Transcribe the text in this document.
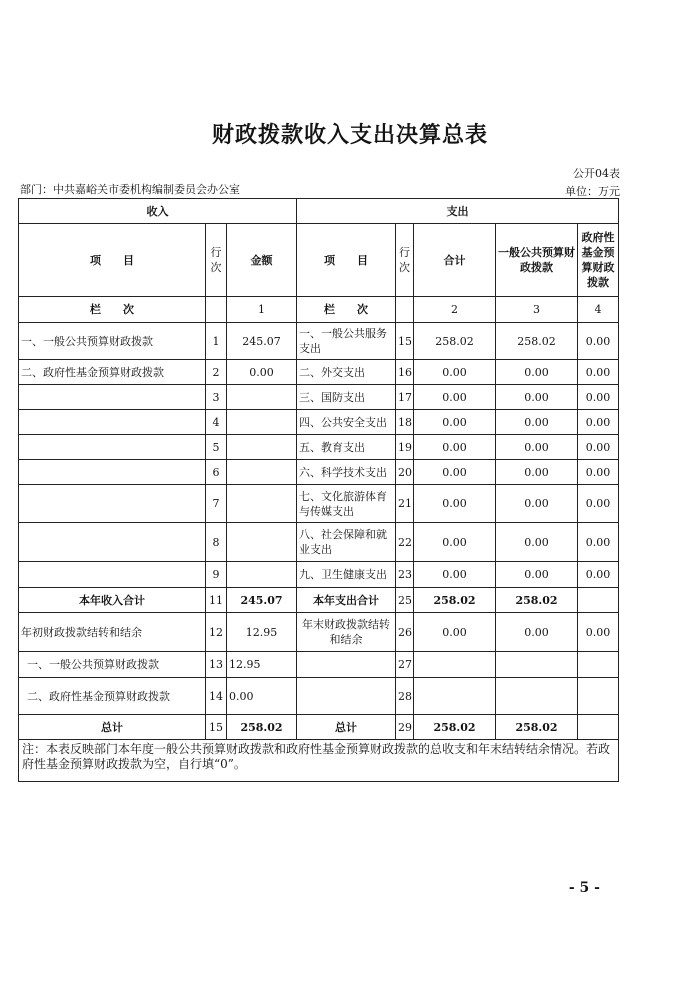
财政拨款收入支出决算总表
公开04表
部门：中共嘉峪关市委机构编制委员会办公室	单位：万元
收入			支出				
项　　目	行次	金额	项　　目	行次	合计	一般公共预算财政拨款	政府性基金预算财政拨款
栏　　次		1	栏　　次		2	3	4
一、一般公共预算财政拨款	1	245.07	一、一般公共服务支出	15	258.02	258.02	0.00
二、政府性基金预算财政拨款	2	0.00	二、外交支出	16	0.00	0.00	0.00
	3		三、国防支出	17	0.00	0.00	0.00
	4		四、公共安全支出	18	0.00	0.00	0.00
	5		五、教育支出	19	0.00	0.00	0.00
	6		六、科学技术支出	20	0.00	0.00	0.00
	7		七、文化旅游体育与传媒支出	21	0.00	0.00	0.00
	8		八、社会保障和就业支出	22	0.00	0.00	0.00
	9		九、卫生健康支出	23	0.00	0.00	0.00
本年收入合计	11	245.07	本年支出合计	25	258.02	258.02	
年初财政拨款结转和结余	12	12.95	年末财政拨款结转和结余	26	0.00	0.00	0.00
一、一般公共预算财政拨款	13	12.95		27			
二、政府性基金预算财政拨款	14	0.00		28			
总计	15	258.02	总计	29	258.02	258.02	
注：本表反映部门本年度一般公共预算财政拨款和政府性基金预算财政拨款的总收支和年末结转结余情况。若政府性基金预算财政拨款为空，自行填“0”。							
- 5 -
